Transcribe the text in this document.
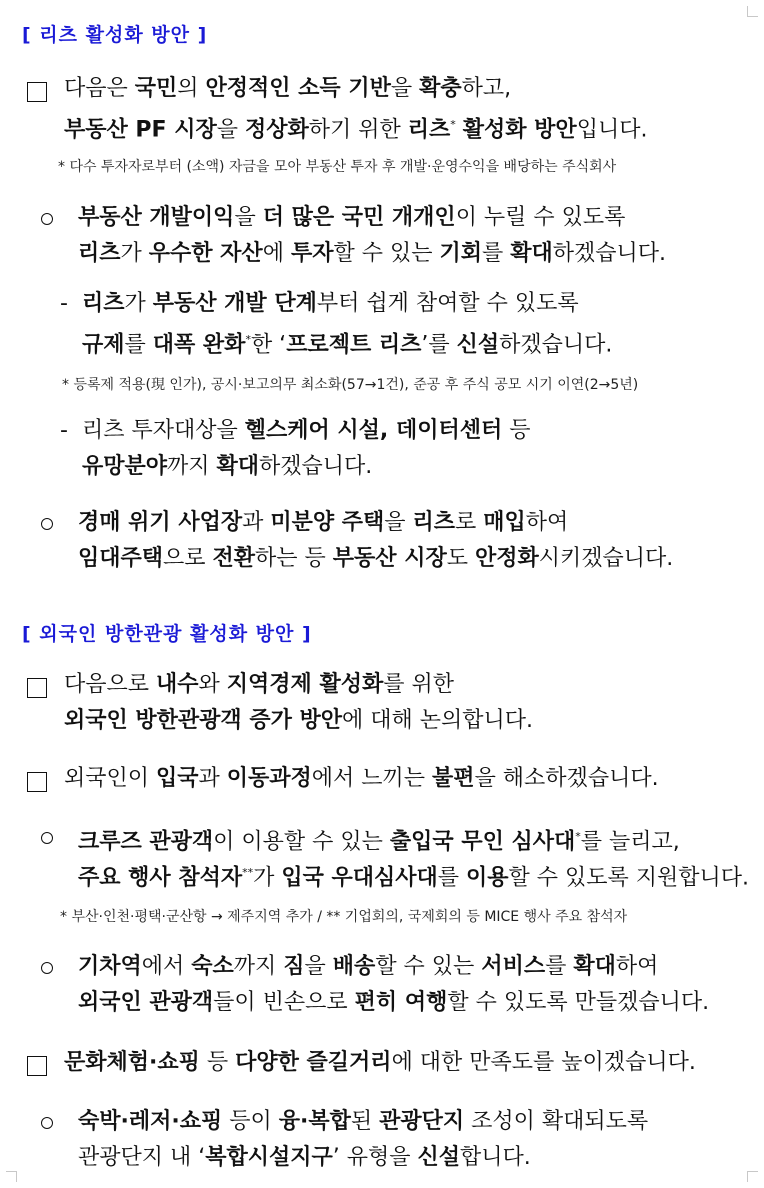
[ 리츠 활성화 방안 ]
다음은 국민의 안정적인 소득 기반을 확충하고,
부동산 PF 시장을 정상화하기 위한 리츠* 활성화 방안입니다.
* 다수 투자자로부터 (소액) 자금을 모아 부동산 투자 후 개발·운영수익을 배당하는 주식회사
부동산 개발이익을 더 많은 국민 개개인이 누릴 수 있도록
리츠가 우수한 자산에 투자할 수 있는 기회를 확대하겠습니다.
- 리츠가 부동산 개발 단계부터 쉽게 참여할 수 있도록
규제를 대폭 완화*한 ‘프로젝트 리츠’를 신설하겠습니다.
* 등록제 적용(現 인가), 공시·보고의무 최소화(57→1건), 준공 후 주식 공모 시기 이연(2→5년)
- 리츠 투자대상을 헬스케어 시설, 데이터센터 등
유망분야까지 확대하겠습니다.
경매 위기 사업장과 미분양 주택을 리츠로 매입하여
임대주택으로 전환하는 등 부동산 시장도 안정화시키겠습니다.
[ 외국인 방한관광 활성화 방안 ]
다음으로 내수와 지역경제 활성화를 위한
외국인 방한관광객 증가 방안에 대해 논의합니다.
외국인이 입국과 이동과정에서 느끼는 불편을 해소하겠습니다.
크루즈 관광객이 이용할 수 있는 출입국 무인 심사대*를 늘리고,
주요 행사 참석자**가 입국 우대심사대를 이용할 수 있도록 지원합니다.
* 부산·인천·평택·군산항 → 제주지역 추가 / ** 기업회의, 국제회의 등 MICE 행사 주요 참석자
기차역에서 숙소까지 짐을 배송할 수 있는 서비스를 확대하여
외국인 관광객들이 빈손으로 편히 여행할 수 있도록 만들겠습니다.
문화체험·쇼핑 등 다양한 즐길거리에 대한 만족도를 높이겠습니다.
숙박·레저·쇼핑 등이 융·복합된 관광단지 조성이 확대되도록
관광단지 내 ‘복합시설지구’ 유형을 신설합니다.
